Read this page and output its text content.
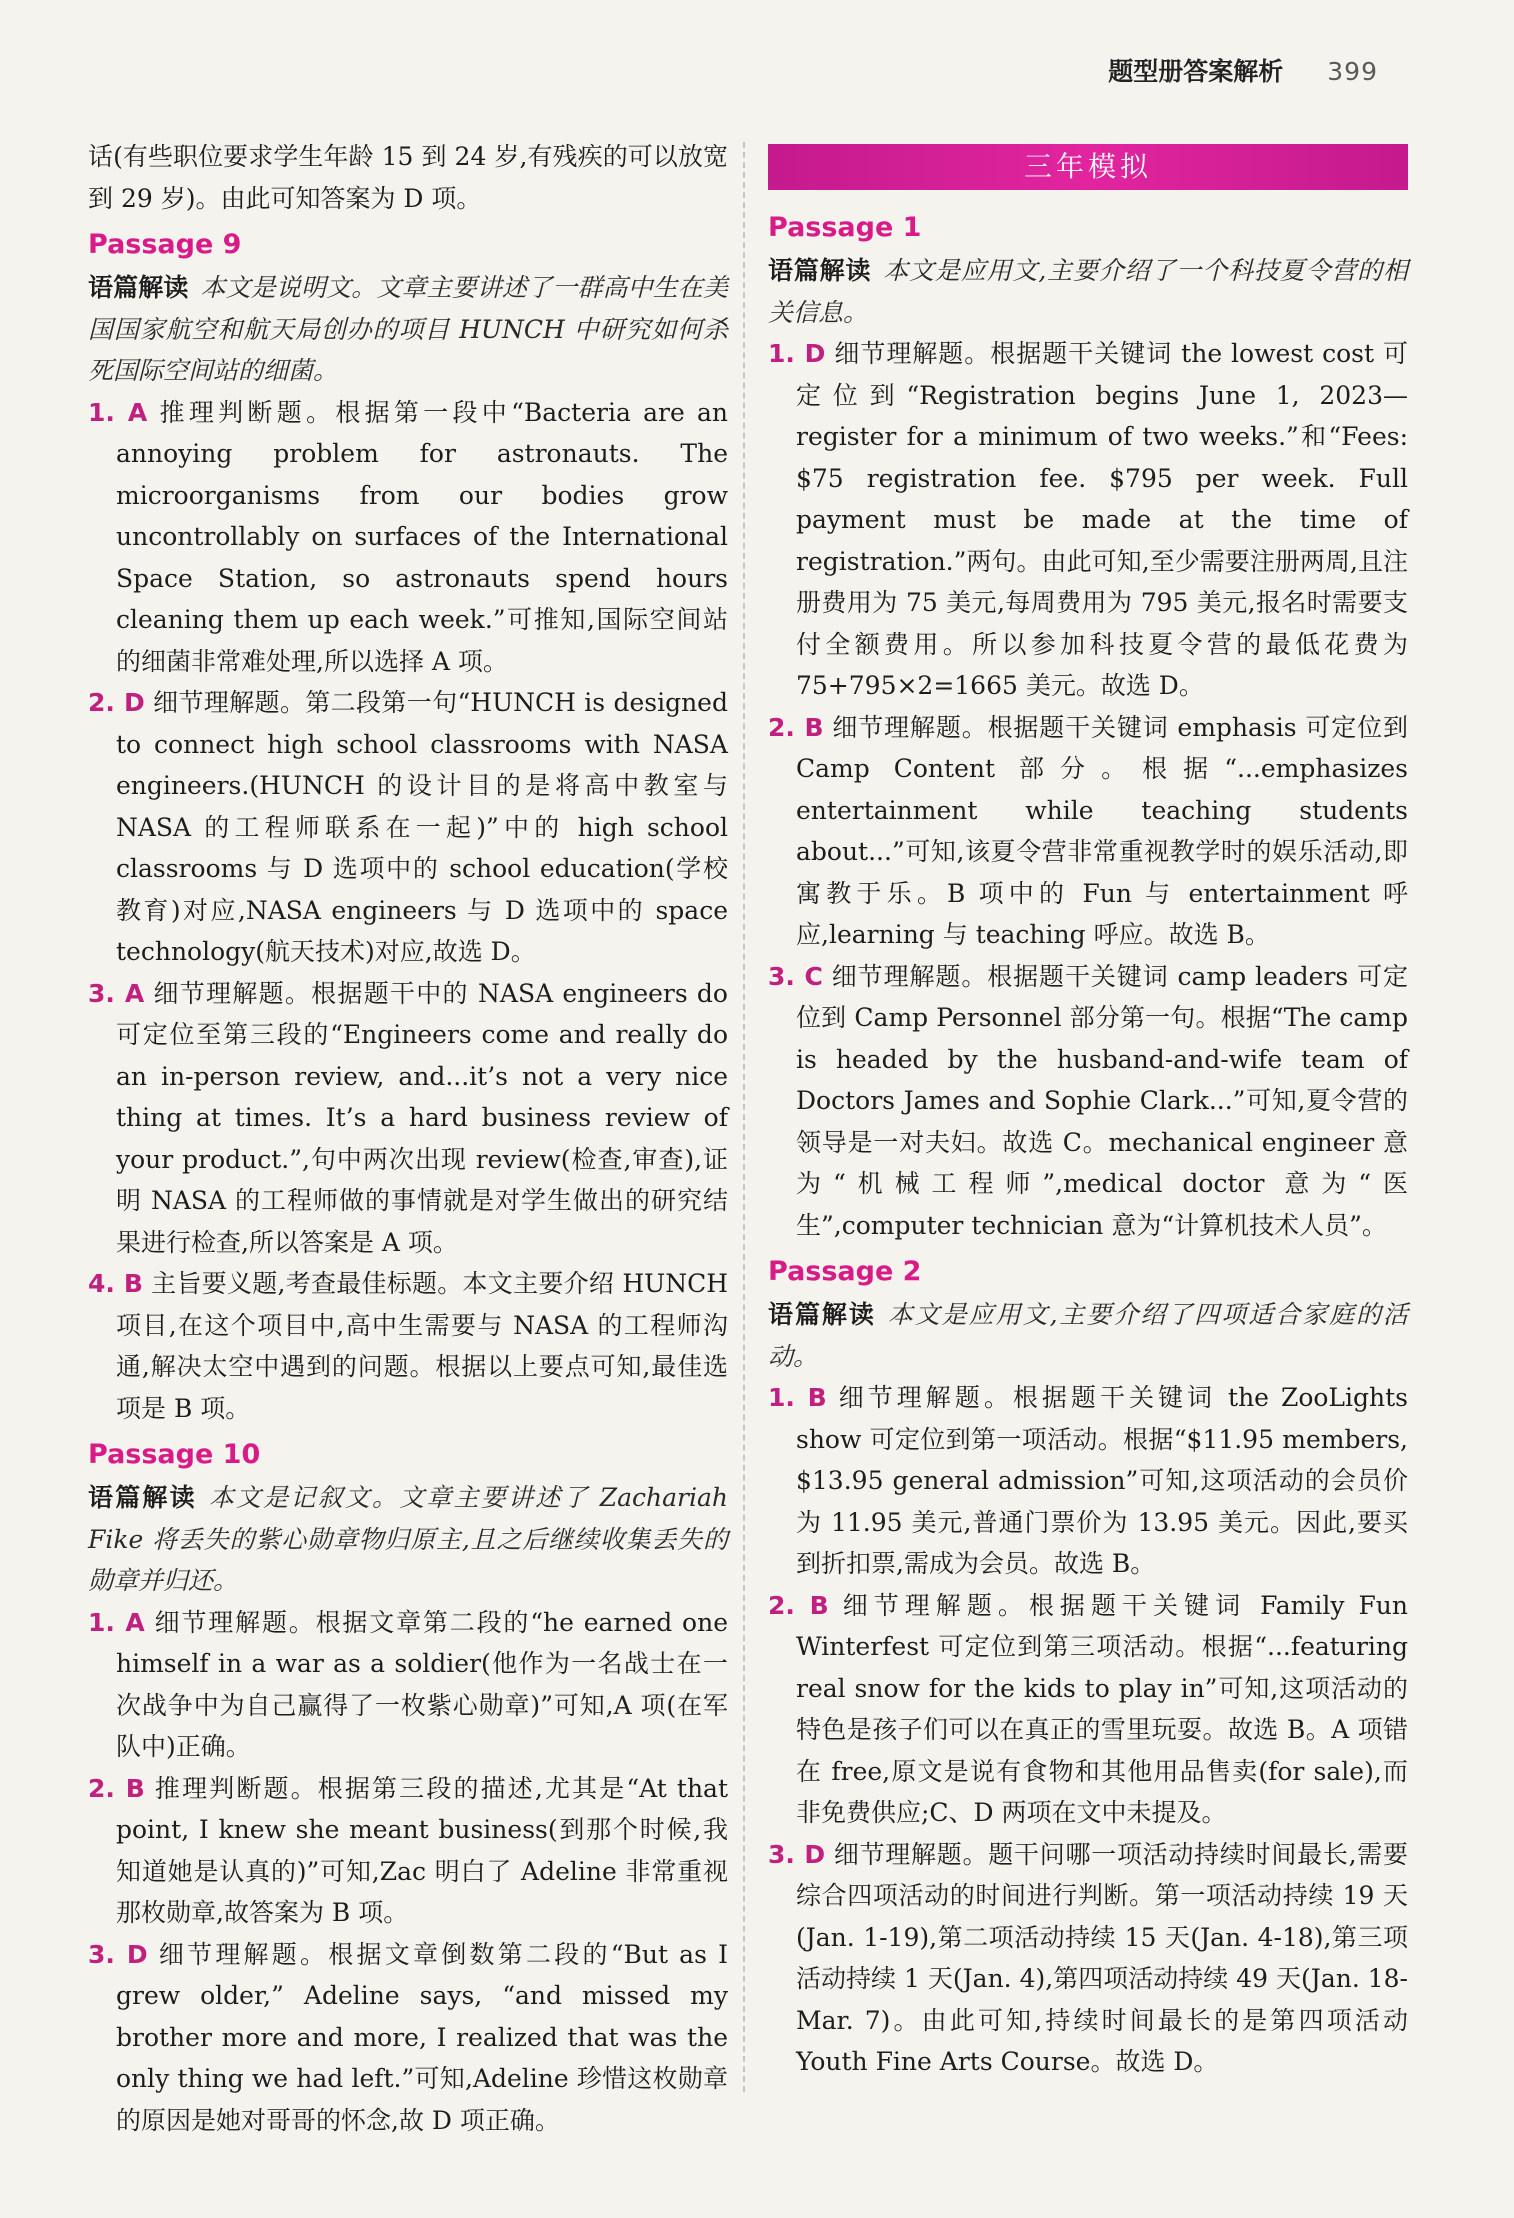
题型册答案解析 399
话(有些职位要求学生年龄 15 到 24 岁,有残疾的可以放宽到 29 岁)。由此可知答案为 D 项。
Passage 9
语篇解读 本文是说明文。文章主要讲述了一群高中生在美国国家航空和航天局创办的项目 HUNCH 中研究如何杀死国际空间站的细菌。
1. A 推理判断题。根据第一段中“Bacteria are an annoying problem for astronauts. The microorganisms from our bodies grow uncontrollably on surfaces of the International Space Station, so astronauts spend hours cleaning them up each week.”可推知,国际空间站的细菌非常难处理,所以选择 A 项。
2. D 细节理解题。第二段第一句“HUNCH is designed to connect high school classrooms with NASA engineers.(HUNCH 的设计目的是将高中教室与 NASA 的工程师联系在一起)”中的 high school classrooms 与 D 选项中的 school education(学校教育)对应,NASA engineers 与 D 选项中的 space technology(航天技术)对应,故选 D。
3. A 细节理解题。根据题干中的 NASA engineers do 可定位至第三段的“Engineers come and really do an in-person review, and...it’s not a very nice thing at times. It’s a hard business review of your product.”,句中两次出现 review(检查,审查),证明 NASA 的工程师做的事情就是对学生做出的研究结果进行检查,所以答案是 A 项。
4. B 主旨要义题,考查最佳标题。本文主要介绍 HUNCH 项目,在这个项目中,高中生需要与 NASA 的工程师沟通,解决太空中遇到的问题。根据以上要点可知,最佳选项是 B 项。
Passage 10
语篇解读 本文是记叙文。文章主要讲述了 Zachariah Fike 将丢失的紫心勋章物归原主,且之后继续收集丢失的勋章并归还。
1. A 细节理解题。根据文章第二段的“he earned one himself in a war as a soldier(他作为一名战士在一次战争中为自己赢得了一枚紫心勋章)”可知,A 项(在军队中)正确。
2. B 推理判断题。根据第三段的描述,尤其是“At that point, I knew she meant business(到那个时候,我知道她是认真的)”可知,Zac 明白了 Adeline 非常重视那枚勋章,故答案为 B 项。
3. D 细节理解题。根据文章倒数第二段的“But as I grew older,” Adeline says, “and missed my brother more and more, I realized that was the only thing we had left.”可知,Adeline 珍惜这枚勋章的原因是她对哥哥的怀念,故 D 项正确。
三年模拟
Passage 1
语篇解读 本文是应用文,主要介绍了一个科技夏令营的相关信息。
1. D 细节理解题。根据题干关键词 the lowest cost 可定位到“Registration begins June 1, 2023—register for a minimum of two weeks.”和“Fees: $75 registration fee. $795 per week. Full payment must be made at the time of registration.”两句。由此可知,至少需要注册两周,且注册费用为 75 美元,每周费用为 795 美元,报名时需要支付全额费用。所以参加科技夏令营的最低花费为 75+795×2=1665 美元。故选 D。
2. B 细节理解题。根据题干关键词 emphasis 可定位到 Camp Content 部分。根据“...emphasizes entertainment while teaching students about...”可知,该夏令营非常重视教学时的娱乐活动,即寓教于乐。B 项中的 Fun 与 entertainment 呼应,learning 与 teaching 呼应。故选 B。
3. C 细节理解题。根据题干关键词 camp leaders 可定位到 Camp Personnel 部分第一句。根据“The camp is headed by the husband-and-wife team of Doctors James and Sophie Clark...”可知,夏令营的领导是一对夫妇。故选 C。mechanical engineer 意为“机械工程师”,medical doctor 意为“医生”,computer technician 意为“计算机技术人员”。
Passage 2
语篇解读 本文是应用文,主要介绍了四项适合家庭的活动。
1. B 细节理解题。根据题干关键词 the ZooLights show 可定位到第一项活动。根据“$11.95 members, $13.95 general admission”可知,这项活动的会员价为 11.95 美元,普通门票价为 13.95 美元。因此,要买到折扣票,需成为会员。故选 B。
2. B 细节理解题。根据题干关键词 Family Fun Winterfest 可定位到第三项活动。根据“...featuring real snow for the kids to play in”可知,这项活动的特色是孩子们可以在真正的雪里玩耍。故选 B。A 项错在 free,原文是说有食物和其他用品售卖(for sale),而非免费供应;C、D 两项在文中未提及。
3. D 细节理解题。题干问哪一项活动持续时间最长,需要综合四项活动的时间进行判断。第一项活动持续 19 天(Jan. 1-19),第二项活动持续 15 天(Jan. 4-18),第三项活动持续 1 天(Jan. 4),第四项活动持续 49 天(Jan. 18-Mar. 7)。由此可知,持续时间最长的是第四项活动 Youth Fine Arts Course。故选 D。
